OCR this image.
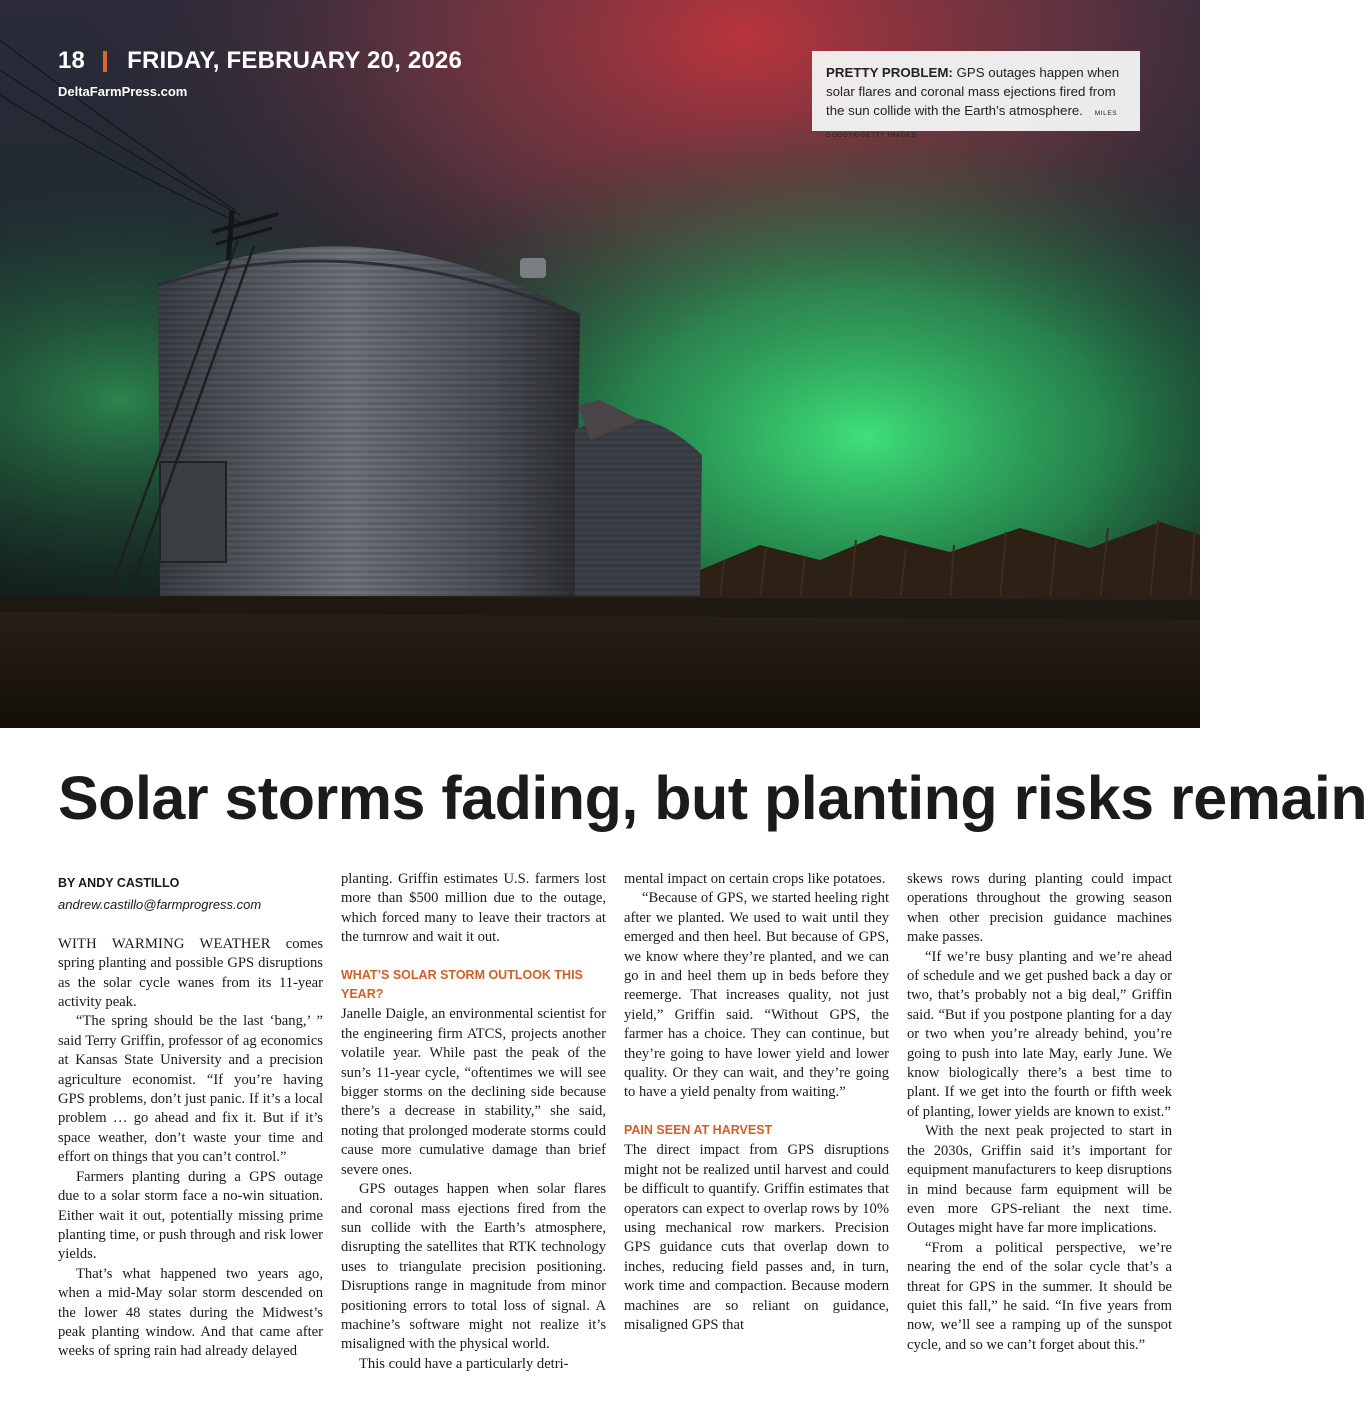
18 FRIDAY, FEBRUARY 20, 2026
DeltaFarmPress.com
PRETTY PROBLEM: GPS outages happen when solar flares and coronal mass ejections fired from the sun collide with the Earth’s atmosphere. MILES GOODYK/GETTY IMAGES
Solar storms fading, but planting risks remain
BY ANDY CASTILLO
andrew.castillo@farmprogress.com

WITH WARMING WEATHER comes spring planting and possible GPS disruptions as the solar cycle wanes from its 11-year activity peak.

“The spring should be the last ‘bang,’ ” said Terry Griffin, professor of ag economics at Kansas State University and a precision agriculture economist. “If you’re having GPS problems, don’t just panic. If it’s a local problem … go ahead and fix it. But if it’s space weather, don’t waste your time and effort on things that you can’t control.”

Farmers planting during a GPS outage due to a solar storm face a no-win situation. Either wait it out, potentially missing prime planting time, or push through and risk lower yields.

That’s what happened two years ago, when a mid-May solar storm descended on the lower 48 states during the Midwest’s peak planting window. And that came after weeks of spring rain had already delayed

planting. Griffin estimates U.S. farmers lost more than $500 million due to the outage, which forced many to leave their tractors at the turnrow and wait it out.

WHAT’S SOLAR STORM OUTLOOK THIS YEAR?

Janelle Daigle, an environmental scientist for the engineering firm ATCS, projects another volatile year. While past the peak of the sun’s 11-year cycle, “oftentimes we will see bigger storms on the declining side because there’s a decrease in stability,” she said, noting that prolonged moderate storms could cause more cumulative damage than brief severe ones.

GPS outages happen when solar flares and coronal mass ejections fired from the sun collide with the Earth’s atmosphere, disrupting the satellites that RTK technology uses to triangulate precision positioning. Disruptions range in magnitude from minor positioning errors to total loss of signal. A machine’s software might not realize it’s misaligned with the physical world.

This could have a particularly detri-

mental impact on certain crops like potatoes.

“Because of GPS, we started heeling right after we planted. We used to wait until they emerged and then heel. But because of GPS, we know where they’re planted, and we can go in and heel them up in beds before they reemerge. That increases quality, not just yield,” Griffin said. “Without GPS, the farmer has a choice. They can continue, but they’re going to have lower yield and lower quality. Or they can wait, and they’re going to have a yield penalty from waiting.”

PAIN SEEN AT HARVEST

The direct impact from GPS disruptions might not be realized until harvest and could be difficult to quantify. Griffin estimates that operators can expect to overlap rows by 10% using mechanical row markers. Precision GPS guidance cuts that overlap down to inches, reducing field passes and, in turn, work time and compaction. Because modern machines are so reliant on guidance, misaligned GPS that

skews rows during planting could impact operations throughout the growing season when other precision guidance machines make passes.

“If we’re busy planting and we’re ahead of schedule and we get pushed back a day or two, that’s probably not a big deal,” Griffin said. “But if you postpone planting for a day or two when you’re already behind, you’re going to push into late May, early June. We know biologically there’s a best time to plant. If we get into the fourth or fifth week of planting, lower yields are known to exist.”

With the next peak projected to start in the 2030s, Griffin said it’s important for equipment manufacturers to keep disruptions in mind because farm equipment will be even more GPS-reliant the next time. Outages might have far more implications.

“From a political perspective, we’re nearing the end of the solar cycle that’s a threat for GPS in the summer. It should be quiet this fall,” he said. “In five years from now, we’ll see a ramping up of the sunspot cycle, and so we can’t forget about this.”
